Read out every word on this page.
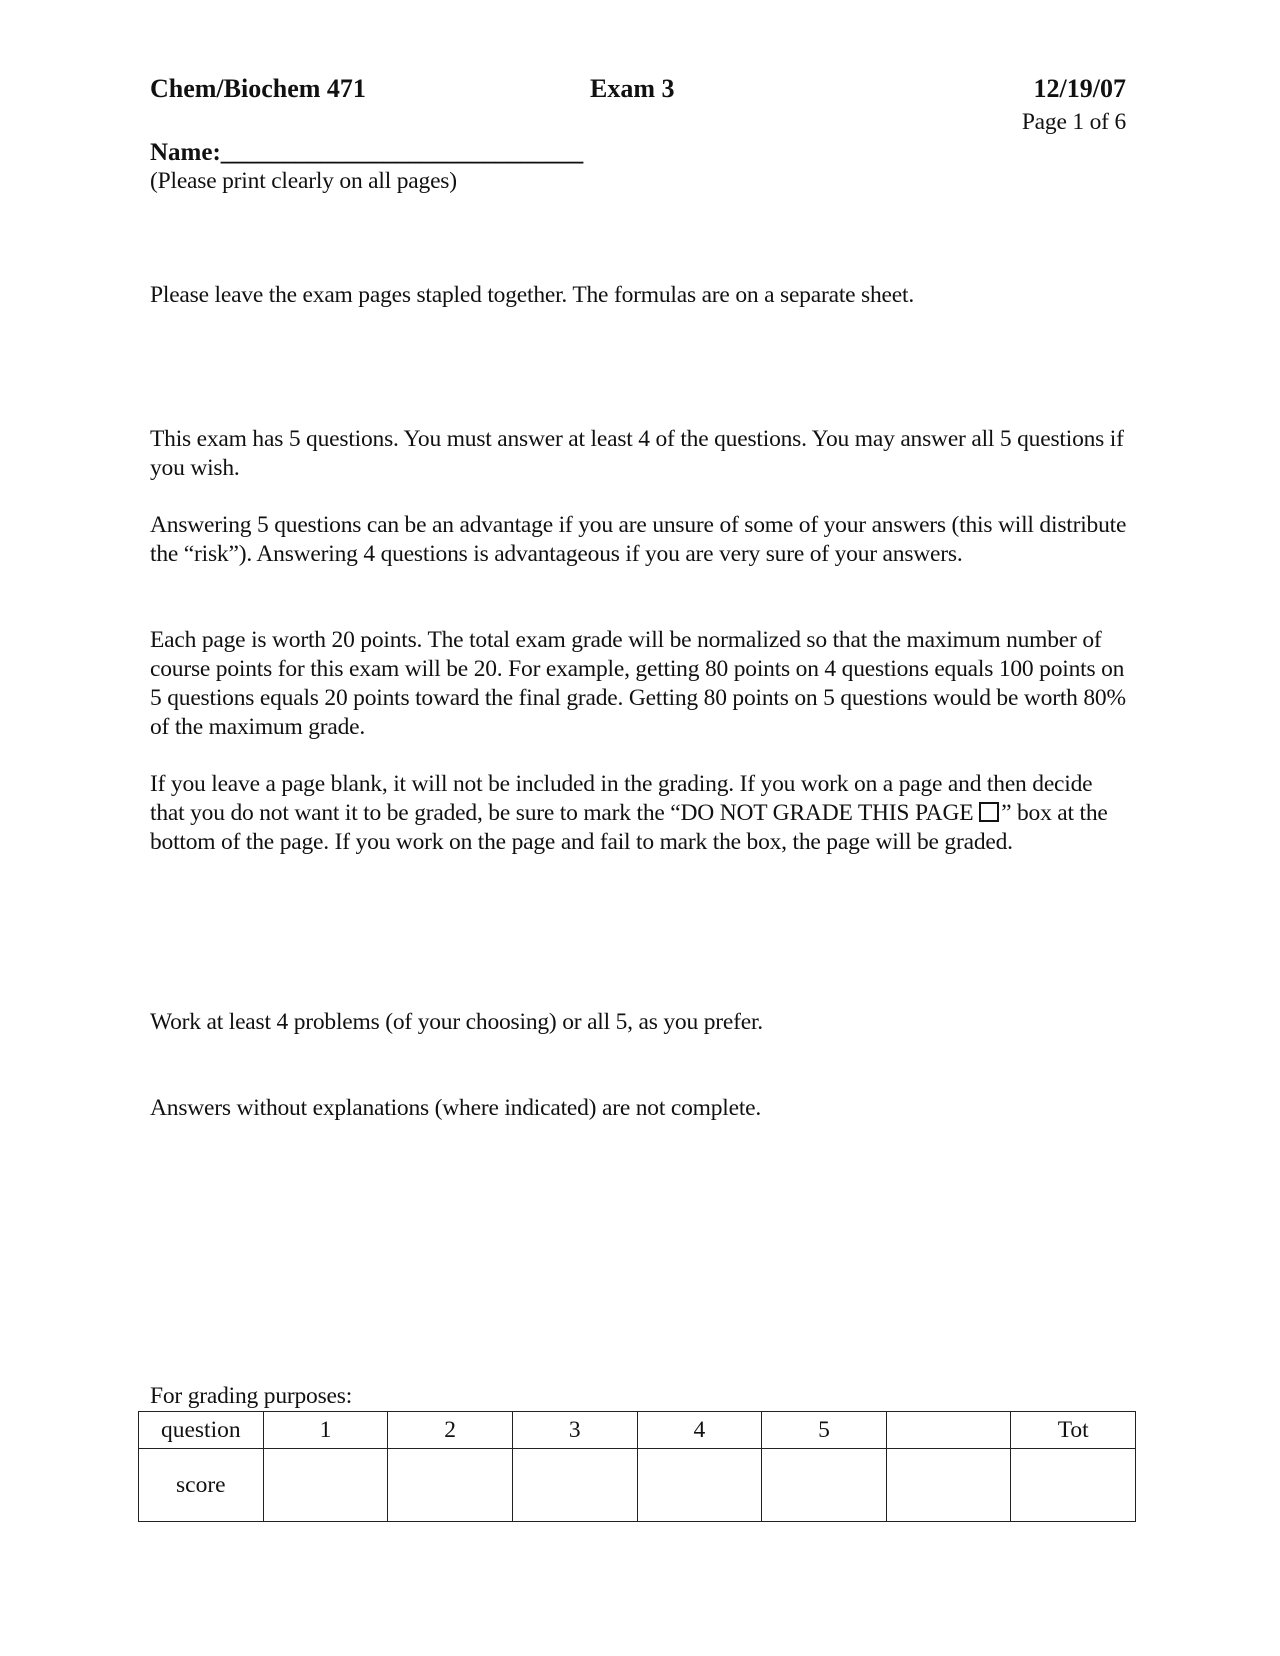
Chem/Biochem 471	Exam 3	12/19/07
Page 1 of 6
Name:_____________________________
(Please print clearly on all pages)

Please leave the exam pages stapled together. The formulas are on a separate sheet.

This exam has 5 questions. You must answer at least 4 of the questions. You may answer all 5 questions if you wish.

Answering 5 questions can be an advantage if you are unsure of some of your answers (this will distribute the “risk”). Answering 4 questions is advantageous if you are very sure of your answers.

Each page is worth 20 points. The total exam grade will be normalized so that the maximum number of course points for this exam will be 20. For example, getting 80 points on 4 questions equals 100 points on 5 questions equals 20 points toward the final grade. Getting 80 points on 5 questions would be worth 80% of the maximum grade.

If you leave a page blank, it will not be included in the grading. If you work on a page and then decide that you do not want it to be graded, be sure to mark the “DO NOT GRADE THIS PAGE ” box at the bottom of the page. If you work on the page and fail to mark the box, the page will be graded.

Work at least 4 problems (of your choosing) or all 5, as you prefer.

Answers without explanations (where indicated) are not complete.

For grading purposes:
question	1	2	3	4	5		Tot
score							
